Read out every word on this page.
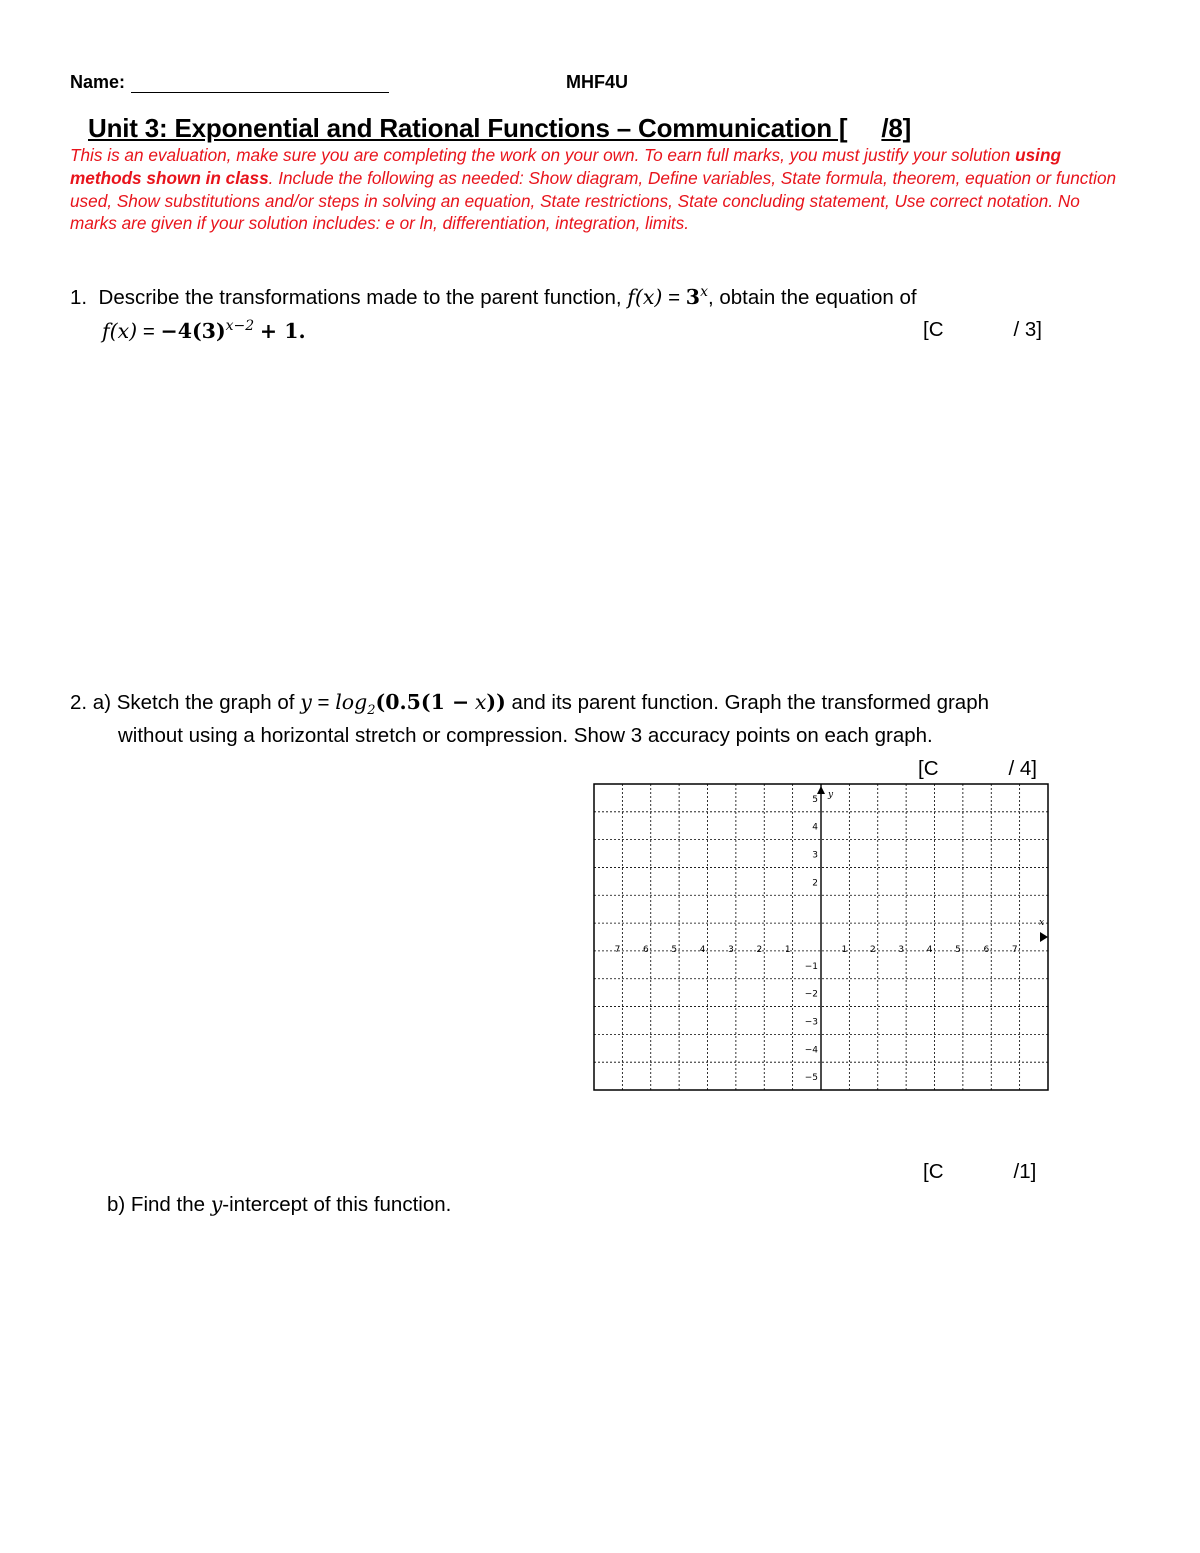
Name:	MHF4U
Unit 3: Exponential and Rational Functions – Communication [ /8]
This is an evaluation, make sure you are completing the work on your own. To earn full marks, you must justify your solution using methods shown in class. Include the following as needed: Show diagram, Define variables, State formula, theorem, equation or function used, Show substitutions and/or steps in solving an equation, State restrictions, State concluding statement, Use correct notation. No marks are given if your solution includes: e or ln, differentiation, integration, limits.
1. Describe the transformations made to the parent function, $f(x) = 3^x$, obtain the equation of
$f(x) = -4(3)^{x-2} + 1$.	[C	/ 3]
2. a) Sketch the graph of $y = \log_2(0.5(1 - x))$ and its parent function. Graph the transformed graph
without using a horizontal stretch or compression. Show 3 accuracy points on each graph.
[C	/ 4]
y
x
7	6	5	4	3	2	1	1	2	3	4	5	6	7
5
4
3
2
−1
−2
−3
−4
−5
[C	/1]
b) Find the y-intercept of this function.
